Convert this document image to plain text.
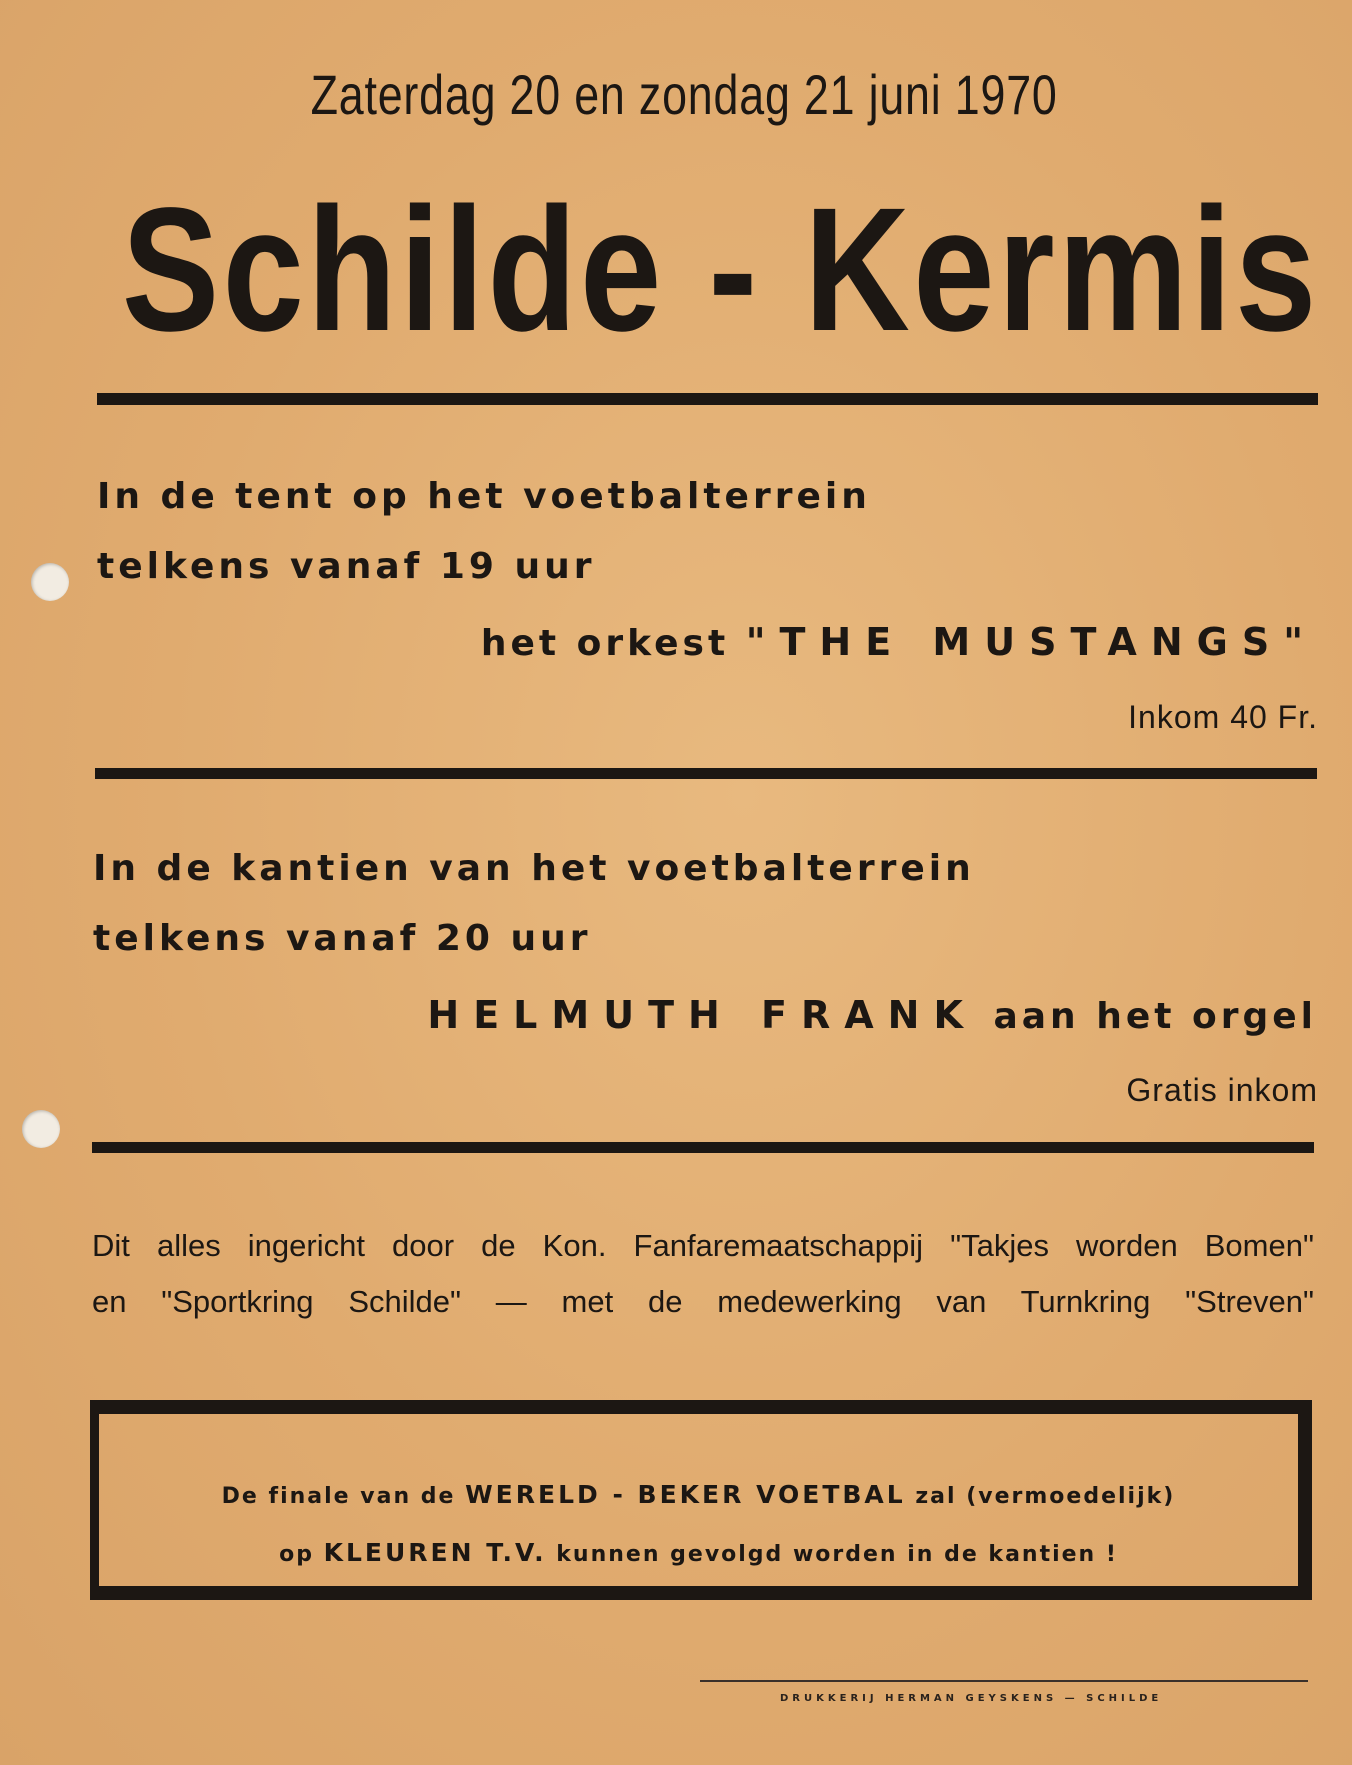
Zaterdag 20 en zondag 21 juni 1970
Schilde - Kermis
In de tent op het voetbalterrein
telkens vanaf 19 uur
het orkest "THE MUSTANGS"
Inkom 40 Fr.
In de kantien van het voetbalterrein
telkens vanaf 20 uur
HELMUTH FRANK aan het orgel
Gratis inkom
Dit alles ingericht door de Kon. Fanfaremaatschappij "Takjes worden Bomen"
en "Sportkring Schilde" — met de medewerking van Turnkring "Streven"
De finale van de WERELD - BEKER VOETBAL zal (vermoedelijk)
op KLEUREN T.V. kunnen gevolgd worden in de kantien !
DRUKKERIJ HERMAN GEYSKENS — SCHILDE
